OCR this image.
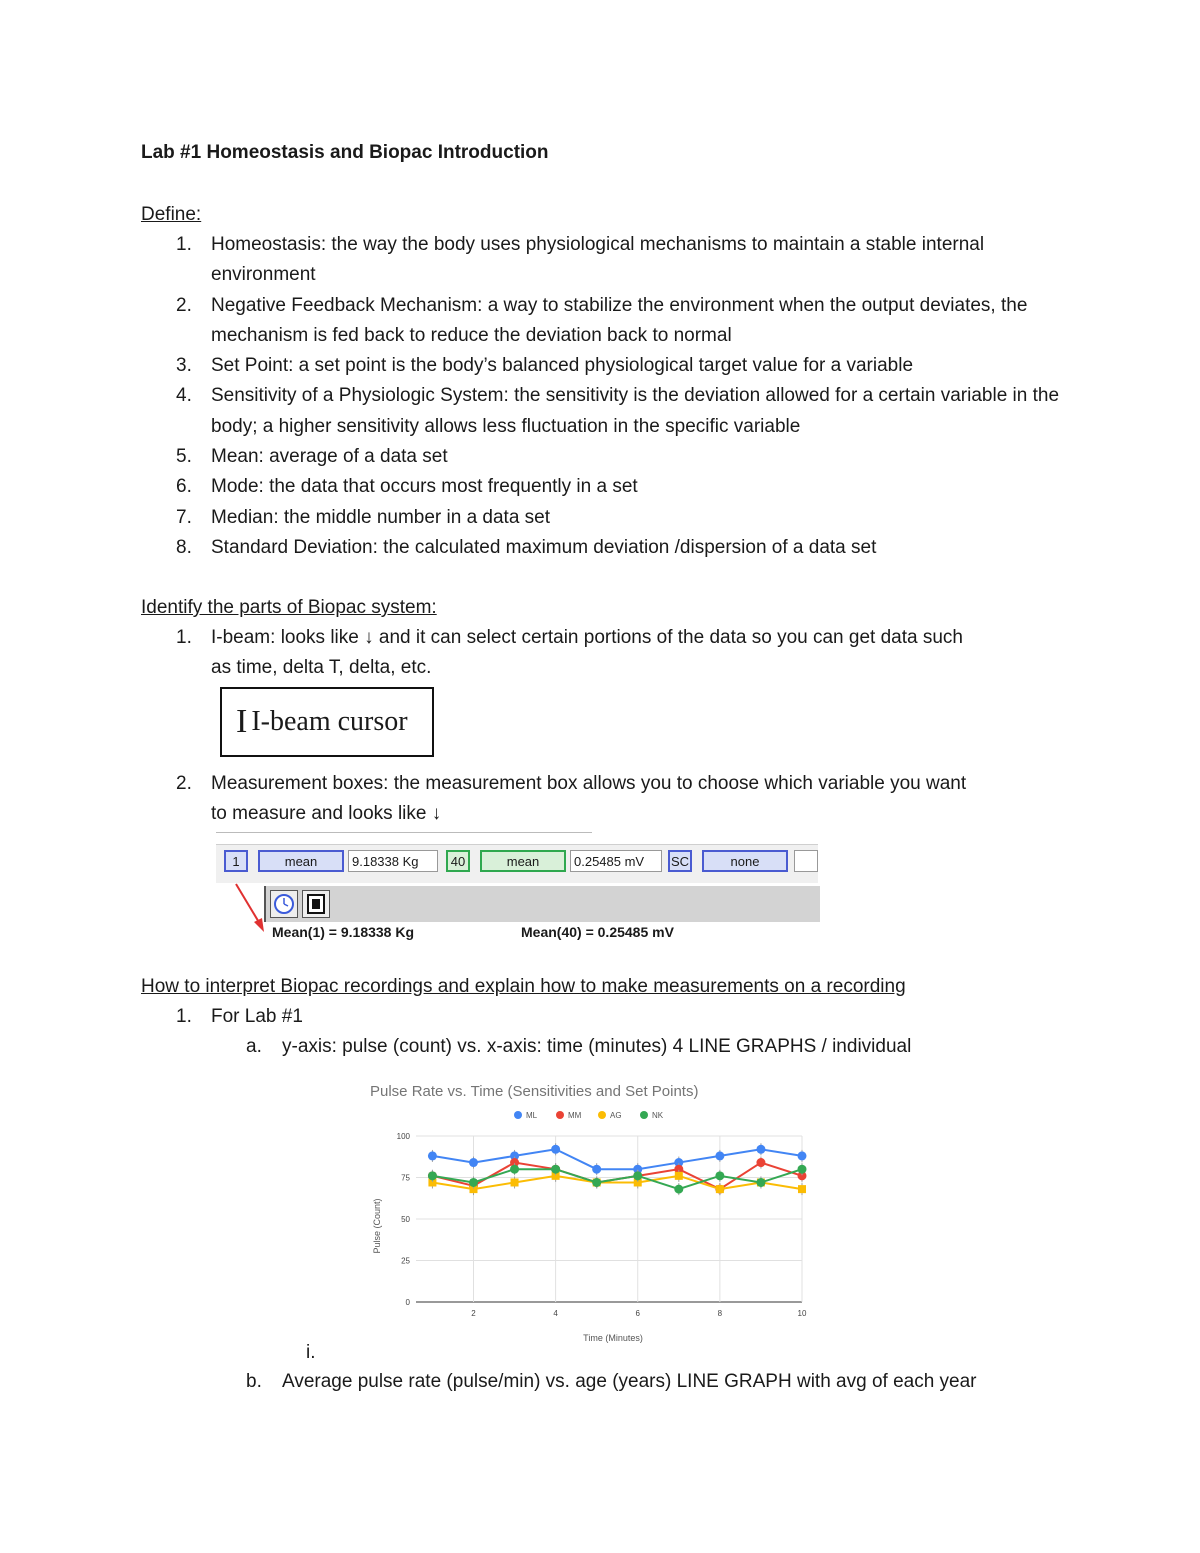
Lab #1 Homeostasis and Biopac Introduction
Define:
1. Homeostasis: the way the body uses physiological mechanisms to maintain a stable internal environment
2. Negative Feedback Mechanism: a way to stabilize the environment when the output deviates, the mechanism is fed back to reduce the deviation back to normal
3. Set Point: a set point is the body’s balanced physiological target value for a variable
4. Sensitivity of a Physiologic System: the sensitivity is the deviation allowed for a certain variable in the body; a higher sensitivity allows less fluctuation in the specific variable
5. Mean: average of a data set
6. Mode: the data that occurs most frequently in a set
7. Median: the middle number in a data set
8. Standard Deviation: the calculated maximum deviation /dispersion of a data set
Identify the parts of Biopac system:
1. I-beam: looks like ↓ and it can select certain portions of the data so you can get data such
as time, delta T, delta, etc.
I I-beam cursor
2. Measurement boxes: the measurement box allows you to choose which variable you want
to measure and looks like ↓
1	mean	9.18338 Kg	40	mean	0.25485 mV	SC	none
Mean(1) = 9.18338 Kg	Mean(40) = 0.25485 mV
How to interpret Biopac recordings and explain how to make measurements on a recording
1. For Lab #1
a. y-axis: pulse (count) vs. x-axis: time (minutes) 4 LINE GRAPHS / individual
Pulse Rate vs. Time (Sensitivities and Set Points)
ML	MM	AG	NK
0
25
50
75
100
2	4	6	8	10
Time (Minutes)
Pulse (Count)
i.
b. Average pulse rate (pulse/min) vs. age (years) LINE GRAPH with avg of each year
